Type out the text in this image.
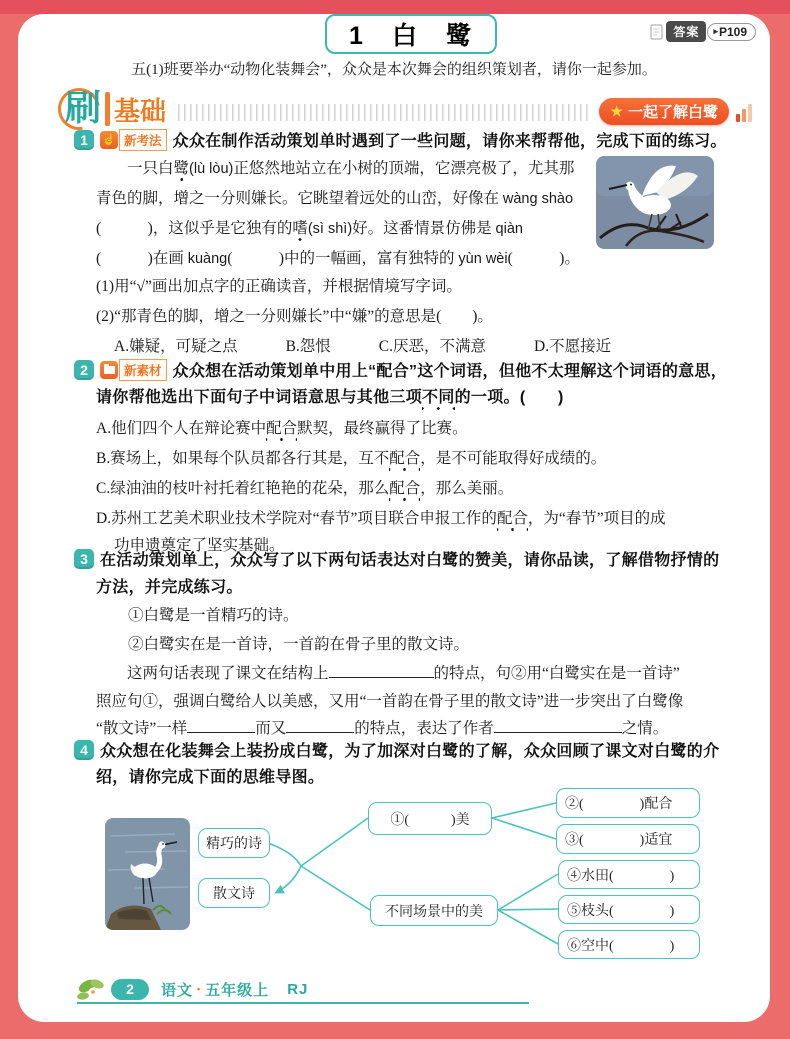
1　白　鹭	答案	▸ P109
五(1)班要举办“动物化装舞会”，众众是本次舞会的组织策划者，请你一起参加。
刷 基础	★ 一起了解白鹭
1	☝ 新考法 众众在制作活动策划单时遇到了一些问题，请你来帮帮他，完成下面的练习。
　　一只白鹭(lù lòu)正悠然地站立在小树的顶端，它漂亮极了，尤其那
青色的脚，增之一分则嫌长。它眺望着远处的山峦，好像在 wàng shào
(　　　)，这似乎是它独有的嗜(sì shì)好。这番情景仿佛是 qiàn
(　　　)在画 kuàng(　　　)中的一幅画，富有独特的 yùn wèi(　　　)。
(1)用“√”画出加点字的正确读音，并根据情境写字词。
(2)“那青色的脚，增之一分则嫌长”中“嫌”的意思是(　　)。
A.嫌疑，可疑之点	B.怨恨	C.厌恶，不满意	D.不愿接近
2	新素材 众众想在活动策划单中用上“配合”这个词语，但他不太理解这个词语的意思，
请你帮他选出下面句子中词语意思与其他三项不同的一项。(　　)
A.他们四个人在辩论赛中配合默契，最终赢得了比赛。
B.赛场上，如果每个队员都各行其是，互不配合，是不可能取得好成绩的。
C.绿油油的枝叶衬托着红艳艳的花朵，那么配合，那么美丽。
D.苏州工艺美术职业技术学院对“春节”项目联合申报工作的配合，为“春节”项目的成
功申遗奠定了坚实基础。
3 在活动策划单上，众众写了以下两句话表达对白鹭的赞美，请你品读，了解借物抒情的
方法，并完成练习。
①白鹭是一首精巧的诗。
②白鹭实在是一首诗，一首韵在骨子里的散文诗。
　　这两句话表现了课文在结构上	的特点，句②用“白鹭实在是一首诗”
照应句①，强调白鹭给人以美感，又用“一首韵在骨子里的散文诗”进一步突出了白鹭像
“散文诗”一样	而又	的特点，表达了作者	之情。
4 众众想在化装舞会上装扮成白鹭，为了加深对白鹭的了解，众众回顾了课文对白鹭的介
绍，请你完成下面的思维导图。
精巧的诗
散文诗
①(　　　)美
不同场景中的美
②(　　　　)配合
③(　　　　)适宜
④水田(　　　　)
⑤枝头(　　　　)
⑥空中(　　　　)
2	语文 • 五年级上 RJ
